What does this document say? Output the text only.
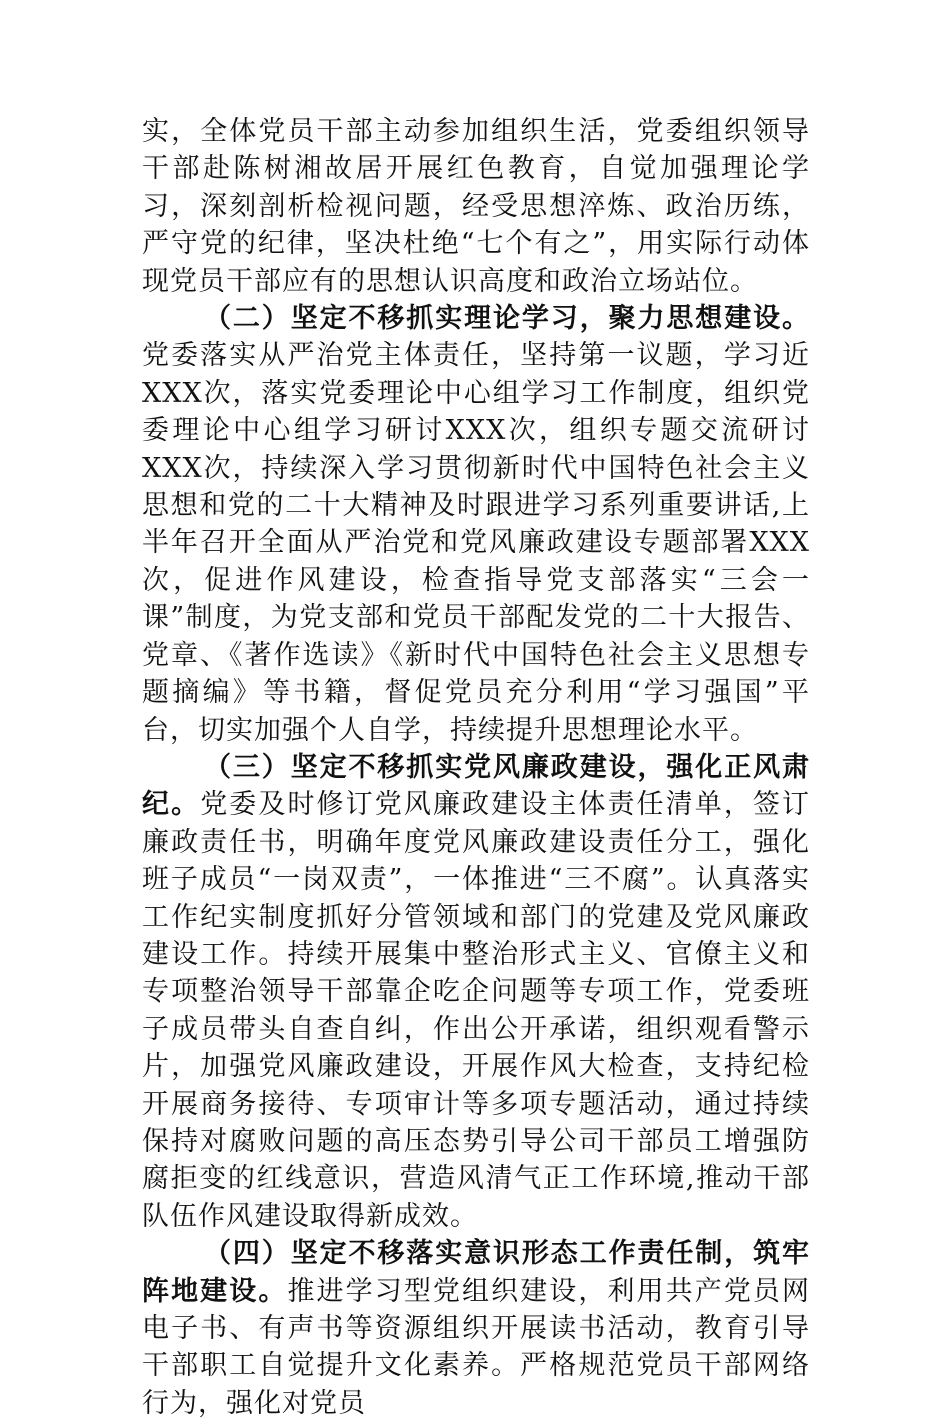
实，全体党员干部主动参加组织生活，党委组织领导干部赴陈树湘故居开展红色教育，自觉加强理论学习，深刻剖析检视问题，经受思想淬炼、政治历练，严守党的纪律，坚决杜绝“七个有之”，用实际行动体现党员干部应有的思想认识高度和政治立场站位。

（二）坚定不移抓实理论学习，聚力思想建设。党委落实从严治党主体责任，坚持第一议题，学习近XXX次，落实党委理论中心组学习工作制度，组织党委理论中心组学习研讨XXX次，组织专题交流研讨XXX次，持续深入学习贯彻新时代中国特色社会主义思想和党的二十大精神及时跟进学习系列重要讲话,上半年召开全面从严治党和党风廉政建设专题部署XXX次，促进作风建设，检查指导党支部落实“三会一课”制度，为党支部和党员干部配发党的二十大报告、党章、《著作选读》《新时代中国特色社会主义思想专题摘编》等书籍，督促党员充分利用“学习强国”平台，切实加强个人自学，持续提升思想理论水平。

（三）坚定不移抓实党风廉政建设，强化正风肃纪。党委及时修订党风廉政建设主体责任清单，签订廉政责任书，明确年度党风廉政建设责任分工，强化班子成员“一岗双责”，一体推进“三不腐”。认真落实工作纪实制度抓好分管领域和部门的党建及党风廉政建设工作。持续开展集中整治形式主义、官僚主义和专项整治领导干部靠企吃企问题等专项工作，党委班子成员带头自查自纠，作出公开承诺，组织观看警示片，加强党风廉政建设，开展作风大检查，支持纪检开展商务接待、专项审计等多项专题活动，通过持续保持对腐败问题的高压态势引导公司干部员工增强防腐拒变的红线意识，营造风清气正工作环境,推动干部队伍作风建设取得新成效。

（四）坚定不移落实意识形态工作责任制，筑牢阵地建设。推进学习型党组织建设，利用共产党员网电子书、有声书等资源组织开展读书活动，教育引导干部职工自觉提升文化素养。严格规范党员干部网络行为，强化对党员
